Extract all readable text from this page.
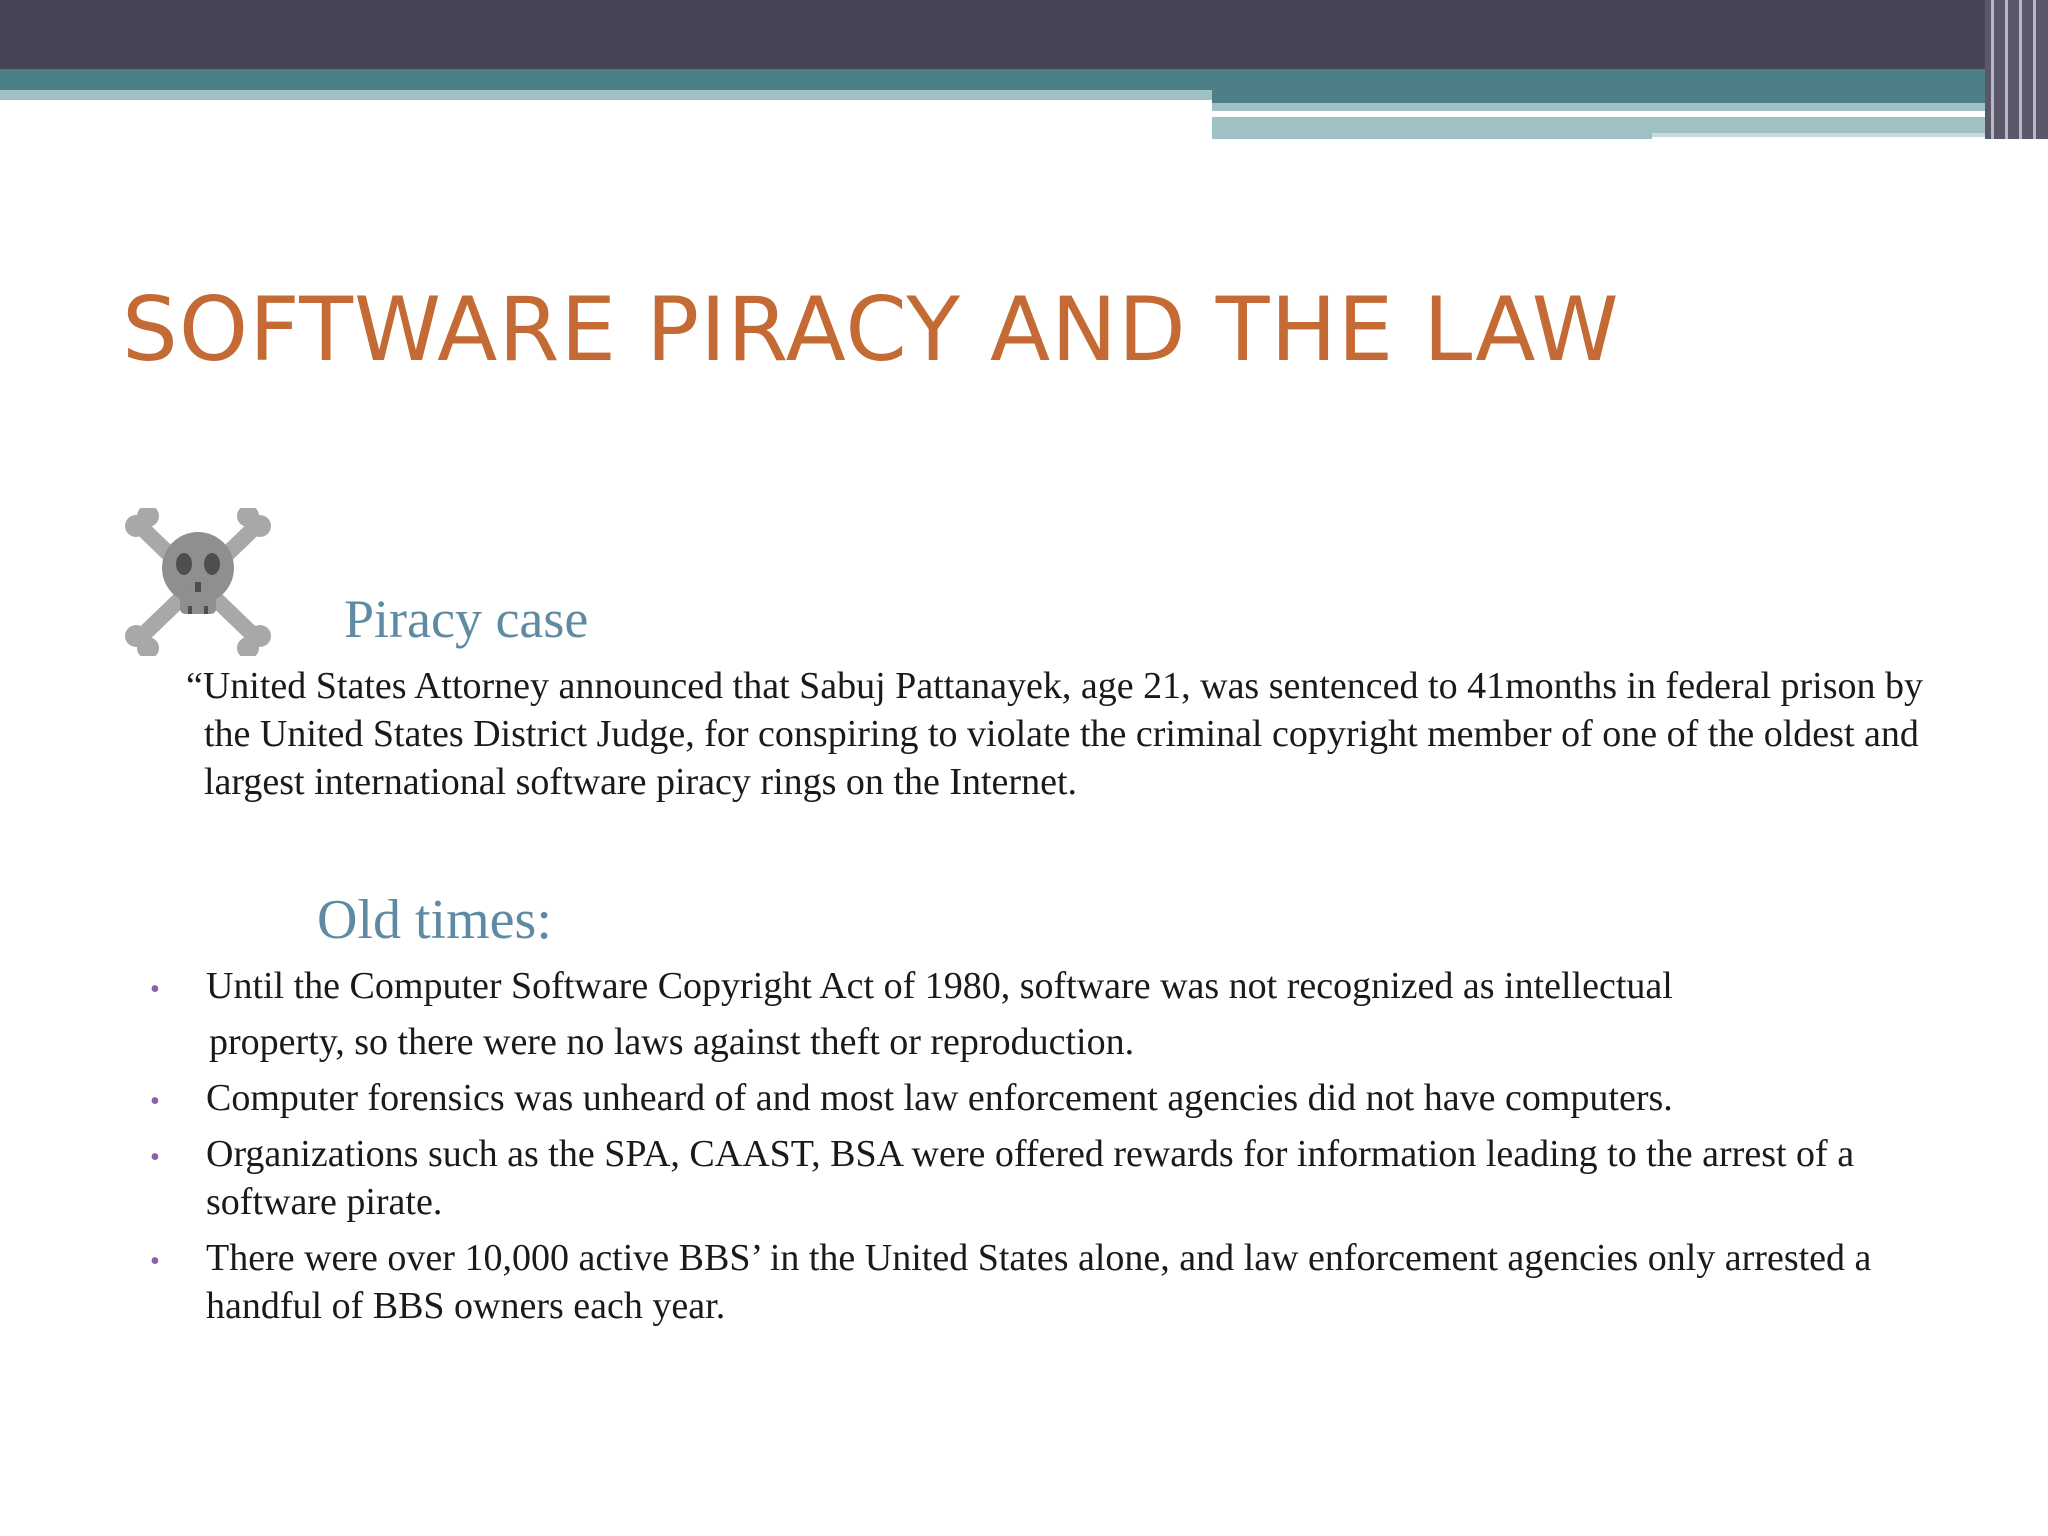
SOFTWARE PIRACY AND THE LAW
Piracy case

“United States Attorney announced that Sabuj Pattanayek, age 21, was sentenced to 41months in federal prison by the United States District Judge, for conspiring to violate the criminal copyright member of one of the oldest and largest international software piracy rings on the Internet.

Old times:
• Until the Computer Software Copyright Act of 1980, software was not recognized as intellectual
property, so there were no laws against theft or reproduction.
• Computer forensics was unheard of and most law enforcement agencies did not have computers.
• Organizations such as the SPA, CAAST, BSA were offered rewards for information leading to the arrest of a software pirate.
• There were over 10,000 active BBS’ in the United States alone, and law enforcement agencies only arrested a handful of BBS owners each year.
